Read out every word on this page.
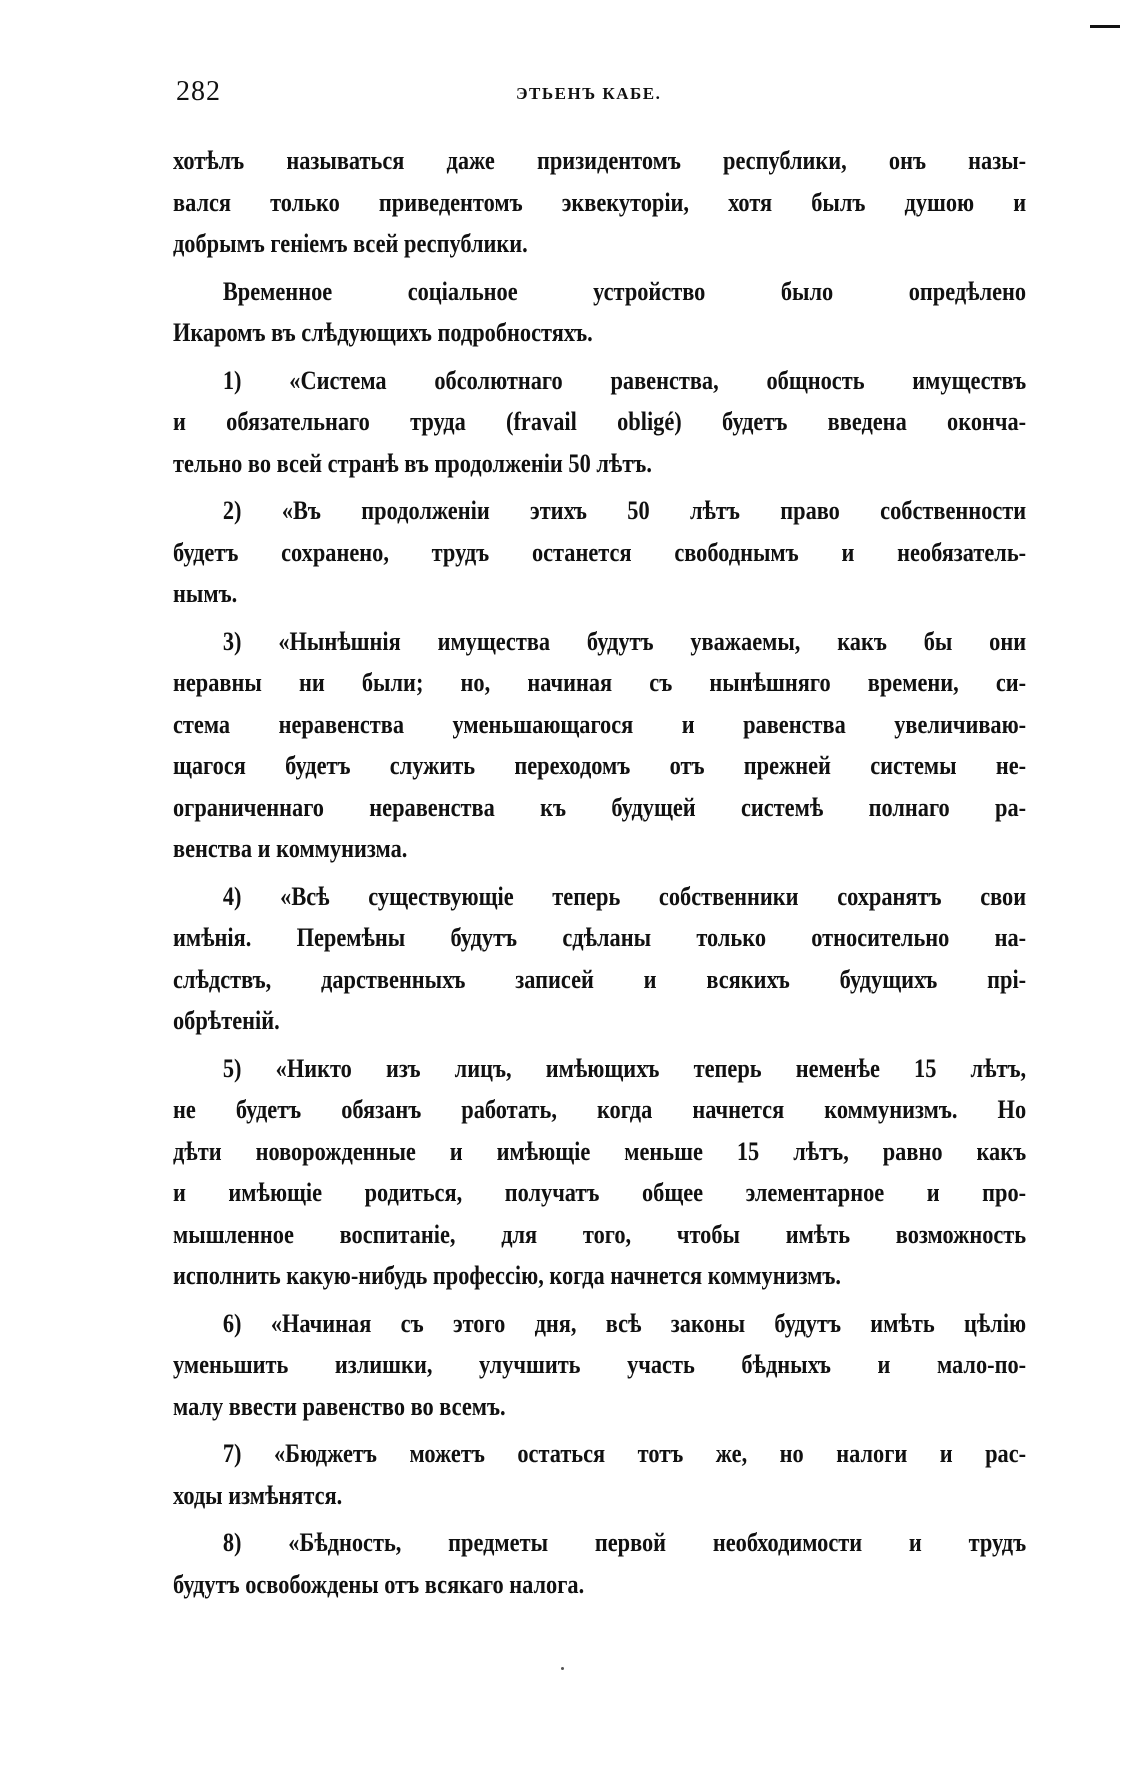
282	ЭТЬЕНЪ КАБЕ.
хотѣлъ называться даже призидентомъ республики, онъ назы-
вался только приведентомъ эквекуторіи, хотя былъ душою и
добрымъ геніемъ всей республики.
Временное соціальное устройство было опредѣлено
Икаромъ въ слѣдующихъ подробностяхъ.
1) «Система обсолютнаго равенства, общность имуществъ
и обязательнаго труда (fravail obligé) будетъ введена оконча-
тельно во всей странѣ въ продолженіи 50 лѣтъ.
2) «Въ продолженіи этихъ 50 лѣтъ право собственности
будетъ сохранено, трудъ останется свободнымъ и необязатель-
нымъ.
3) «Нынѣшнія имущества будутъ уважаемы, какъ бы они
неравны ни были; но, начиная съ нынѣшняго времени, си-
стема неравенства уменьшающагося и равенства увеличиваю-
щагося будетъ служить переходомъ отъ прежней системы не-
ограниченнаго неравенства къ будущей системѣ полнаго ра-
венства и коммунизма.
4) «Всѣ существующіе теперь собственники сохранятъ свои
имѣнія. Перемѣны будутъ сдѣланы только относительно на-
слѣдствъ, дарственныхъ записей и всякихъ будущихъ прі-
обрѣтеній.
5) «Никто изъ лицъ, имѣющихъ теперь неменѣе 15 лѣтъ,
не будетъ обязанъ работать, когда начнется коммунизмъ. Но
дѣти новорожденные и имѣющіе меньше 15 лѣтъ, равно какъ
и имѣющіе родиться, получатъ общее элементарное и про-
мышленное воспитаніе, для того, чтобы имѣть возможность
исполнить какую-нибудь профессію, когда начнется коммунизмъ.
6) «Начиная съ этого дня, всѣ законы будутъ имѣть цѣлію
уменьшить излишки, улучшить участь бѣдныхъ и мало-по-
малу ввести равенство во всемъ.
7) «Бюджетъ можетъ остаться тотъ же, но налоги и рас-
ходы измѣнятся.
8) «Бѣдность, предметы первой необходимости и трудъ
будутъ освобождены отъ всякаго налога.
